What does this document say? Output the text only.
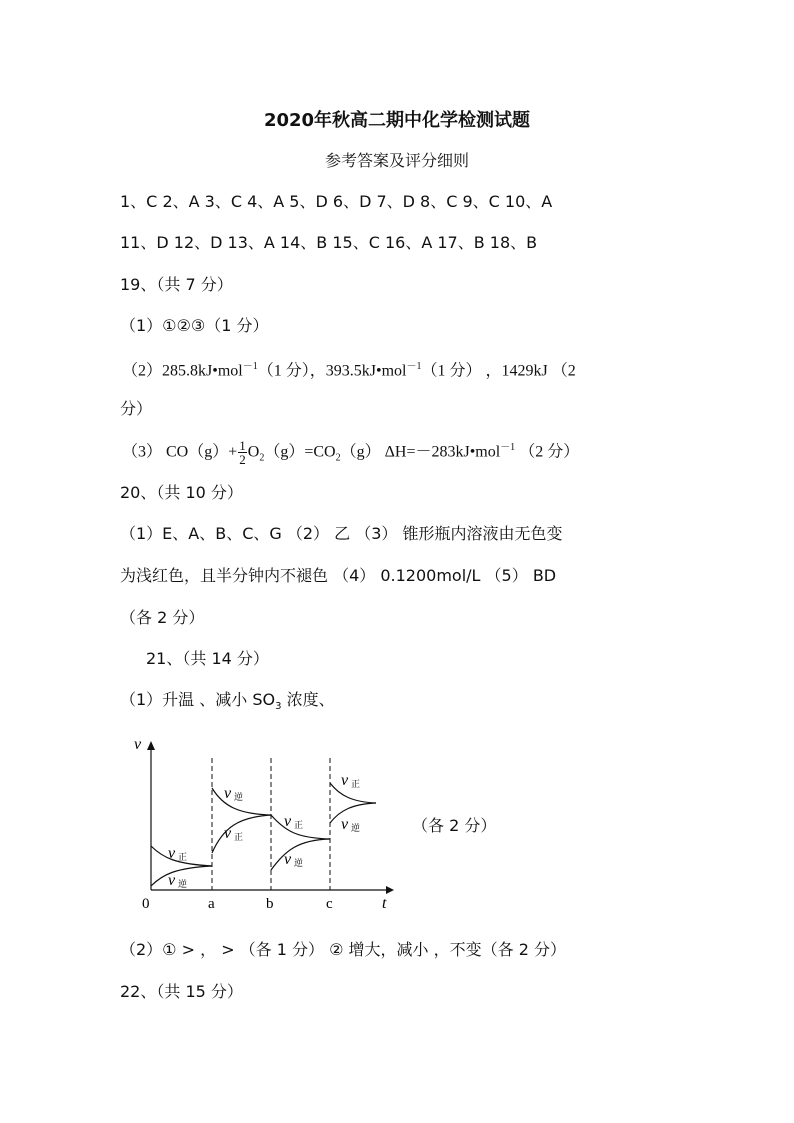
2020年秋高二期中化学检测试题
参考答案及评分细则
1、C 2、A 3、C 4、A 5、D 6、D 7、D 8、C 9、C 10、A
11、D 12、D 13、A 14、B 15、C 16、A 17、B 18、B
19、（共 7 分）
（1）①②③（1 分）
（2）285.8kJ•mol$^{-1}$（1 分），393.5kJ•mol$^{-1}$（1 分） ，1429kJ （2
分）
（3） $CO(g)+ \frac{1}{2} O_2(g)=CO_2(g)$ ΔH=－283kJ•mol$^{-1}$ （2 分）
20、（共 10 分）
（1）E、A、B、C、G （2） 乙 （3） 锥形瓶内溶液由无色变
为浅红色，且半分钟内不褪色 （4） 0.1200mol/L （5） BD
（各 2 分）
21、（共 14 分）
（1）升温 、减小 $SO_3$ 浓度、
v
t
0	a	b	c
v 正
v 逆
v 逆
v 正
v 正
v 逆
v 正
v 逆	（各 2 分）
（2）① > ， > （各 1 分） ② 增大，减小 ，不变（各 2 分）
22、（共 15 分）
